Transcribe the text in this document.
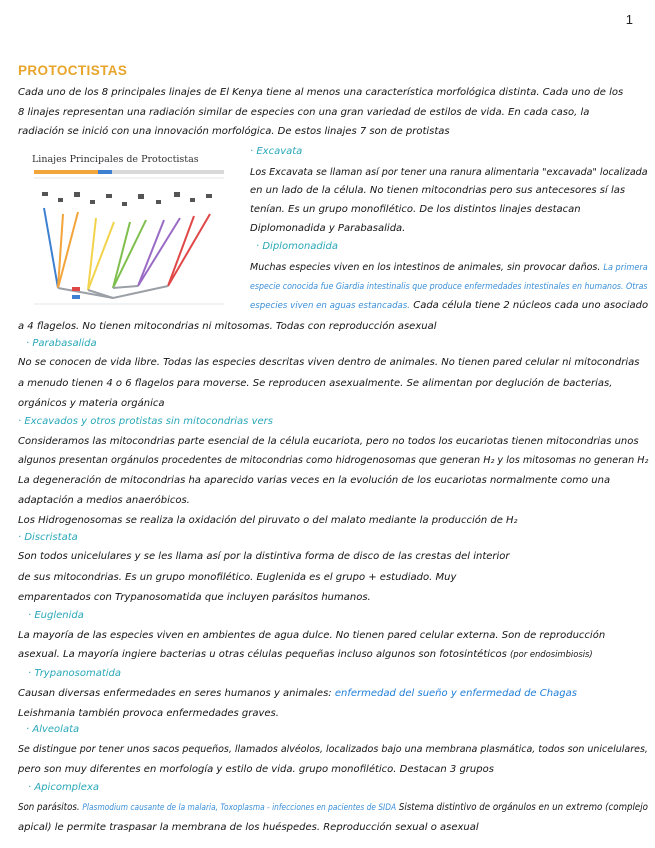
1
PROTOCTISTAS
Cada uno de los 8 principales linajes de El Kenya tiene al menos una característica morfológica distinta. Cada uno de los
8 linajes representan una radiación similar de especies con una gran variedad de estilos de vida. En cada caso, la
radiación se inició con una innovación morfológica. De estos linajes 7 son de protistas
Linajes Principales de Protoctistas
· Excavata
Los Excavata se llaman así por tener una ranura alimentaria "excavada" localizada
en un lado de la célula. No tienen mitocondrias pero sus antecesores sí las
tenían. Es un grupo monofilético. De los distintos linajes destacan
Diplomonadida y Parabasalida.
· Diplomonadida
Muchas especies viven en los intestinos de animales, sin provocar daños. La primera
especie conocida fue Giardia intestinalis que produce enfermedades intestinales en humanos. Otras
especies viven en aguas estancadas. Cada célula tiene 2 núcleos cada uno asociado
a 4 flagelos. No tienen mitocondrias ni mitosomas. Todas con reproducción asexual
· Parabasalida
No se conocen de vida libre. Todas las especies descritas viven dentro de animales. No tienen pared celular ni mitocondrias
a menudo tienen 4 o 6 flagelos para moverse. Se reproducen asexualmente. Se alimentan por deglución de bacterias,
orgánicos y materia orgánica
· Excavados y otros protistas sin mitocondrias vers
Consideramos las mitocondrias parte esencial de la célula eucariota, pero no todos los eucariotas tienen mitocondrias unos
algunos presentan orgánulos procedentes de mitocondrias como hidrogenosomas que generan H₂ y los mitosomas no generan H₂
La degeneración de mitocondrias ha aparecido varias veces en la evolución de los eucariotas normalmente como una
adaptación a medios anaeróbicos.
Los Hidrogenosomas se realiza la oxidación del piruvato o del malato mediante la producción de H₂
· Discristata
Son todos unicelulares y se les llama así por la distintiva forma de disco de las crestas del interior
de sus mitocondrias. Es un grupo monofilético. Euglenida es el grupo + estudiado. Muy
emparentados con Trypanosomatida que incluyen parásitos humanos.
· Euglenida
La mayoría de las especies viven en ambientes de agua dulce. No tienen pared celular externa. Son de reproducción
asexual. La mayoría ingiere bacterias u otras células pequeñas incluso algunos son fotosintéticos (por endosimbiosis)
· Trypanosomatida
Causan diversas enfermedades en seres humanos y animales: enfermedad del sueño y enfermedad de Chagas
Leishmania también provoca enfermedades graves.
· Alveolata
Se distingue por tener unos sacos pequeños, llamados alvéolos, localizados bajo una membrana plasmática, todos son unicelulares,
pero son muy diferentes en morfología y estilo de vida. grupo monofilético. Destacan 3 grupos
· Apicomplexa
Son parásitos. Plasmodium causante de la malaria, Toxoplasma - infecciones en pacientes de SIDA Sistema distintivo de orgánulos en un extremo (complejo
apical) le permite traspasar la membrana de los huéspedes. Reproducción sexual o asexual
